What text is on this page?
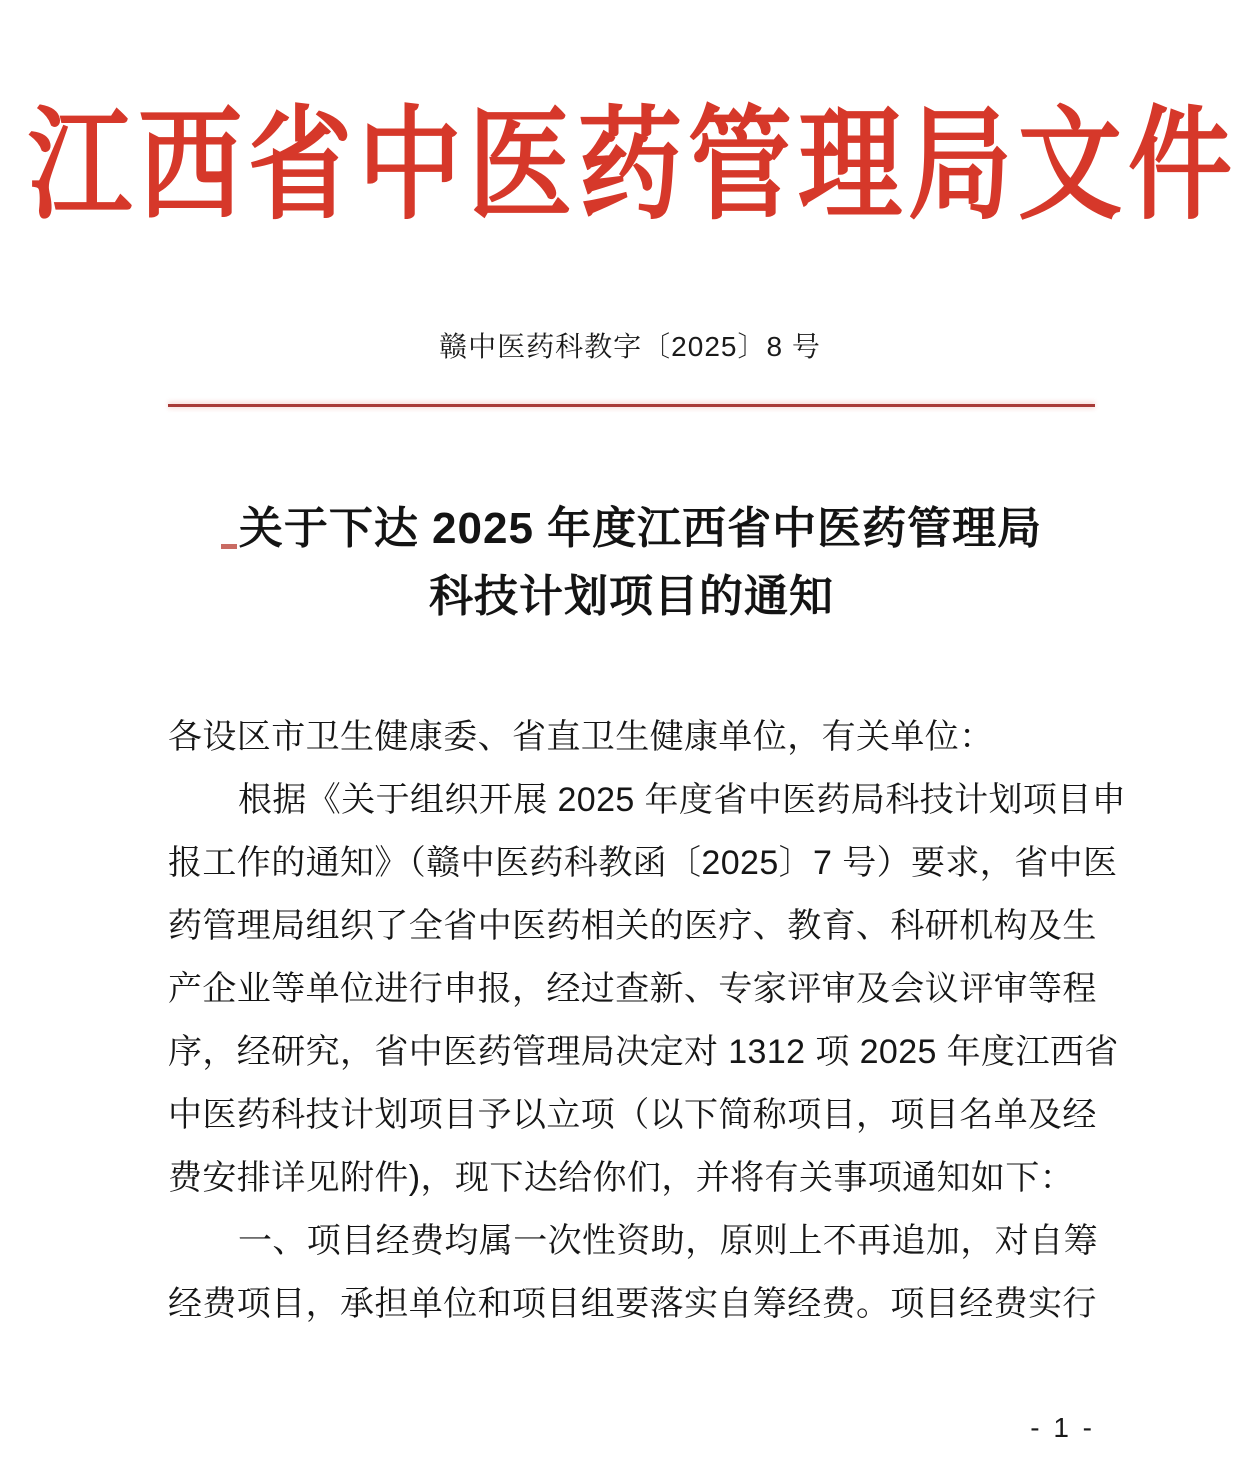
江西省中医药管理局文件
赣中医药科教字〔2025〕8 号
关于下达 2025 年度江西省中医药管理局
科技计划项目的通知
各设区市卫生健康委、省直卫生健康单位，有关单位：
根据《关于组织开展 2025 年度省中医药局科技计划项目申
报工作的通知》（赣中医药科教函〔2025〕7 号）要求，省中医
药管理局组织了全省中医药相关的医疗、教育、科研机构及生
产企业等单位进行申报，经过查新、专家评审及会议评审等程
序，经研究，省中医药管理局决定对 1312 项 2025 年度江西省
中医药科技计划项目予以立项（以下简称项目，项目名单及经
费安排详见附件)，现下达给你们，并将有关事项通知如下：
一、项目经费均属一次性资助，原则上不再追加，对自筹
经费项目，承担单位和项目组要落实自筹经费。项目经费实行
- 1 -
